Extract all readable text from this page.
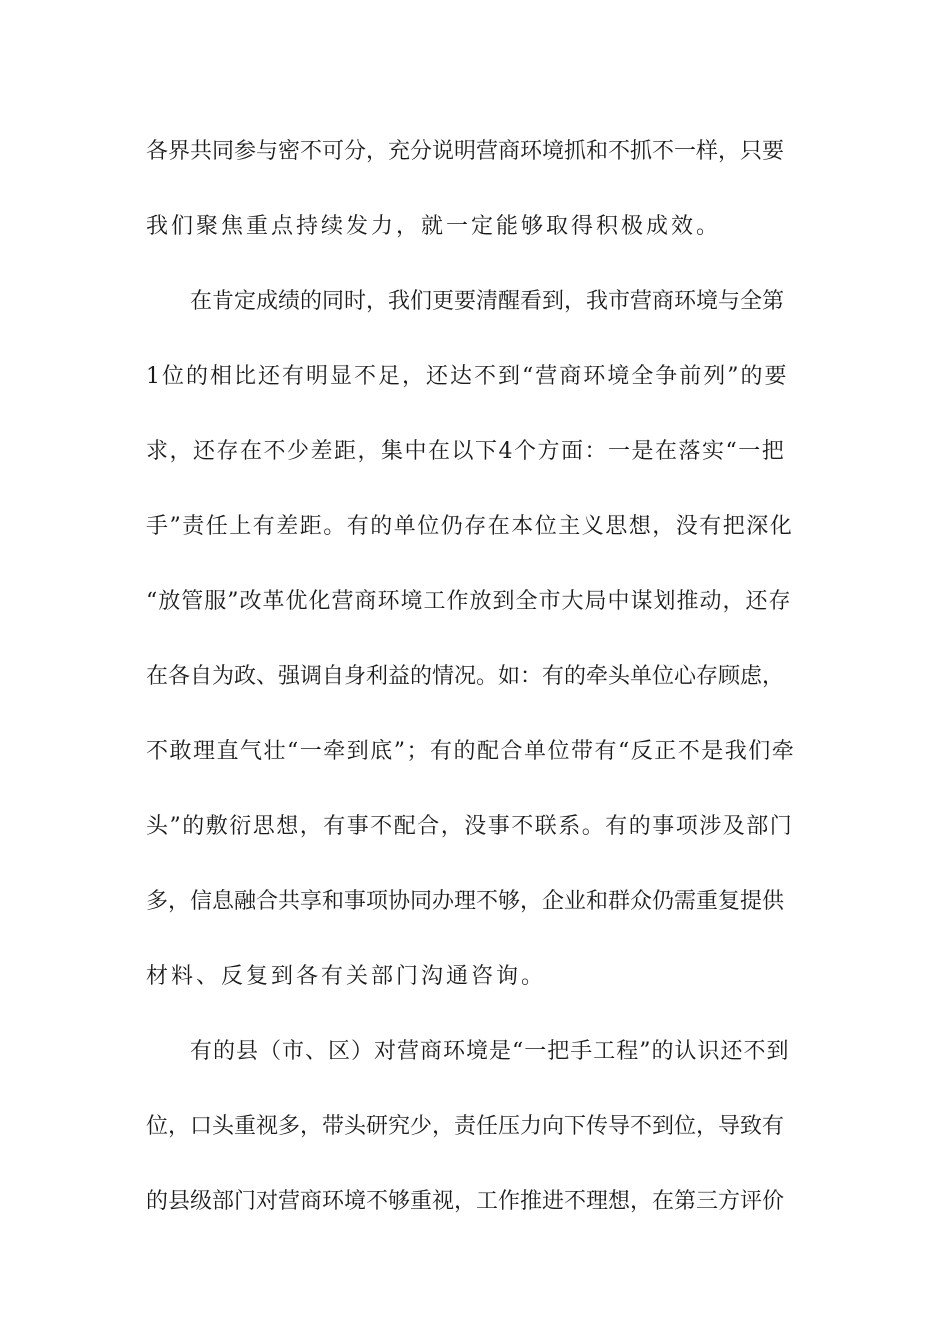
各界共同参与密不可分，充分说明营商环境抓和不抓不一样，只要
我们聚焦重点持续发力，就一定能够取得积极成效。
在肯定成绩的同时，我们更要清醒看到，我市营商环境与全第
1位的相比还有明显不足，还达不到“营商环境全争前列”的要
求，还存在不少差距，集中在以下4个方面：一是在落实“一把
手”责任上有差距。有的单位仍存在本位主义思想，没有把深化
“放管服”改革优化营商环境工作放到全市大局中谋划推动，还存
在各自为政、强调自身利益的情况。如：有的牵头单位心存顾虑，
不敢理直气壮“一牵到底”；有的配合单位带有“反正不是我们牵
头”的敷衍思想，有事不配合，没事不联系。有的事项涉及部门
多，信息融合共享和事项协同办理不够，企业和群众仍需重复提供
材料、反复到各有关部门沟通咨询。
有的县（市、区）对营商环境是“一把手工程”的认识还不到
位，口头重视多，带头研究少，责任压力向下传导不到位，导致有
的县级部门对营商环境不够重视，工作推进不理想，在第三方评价
